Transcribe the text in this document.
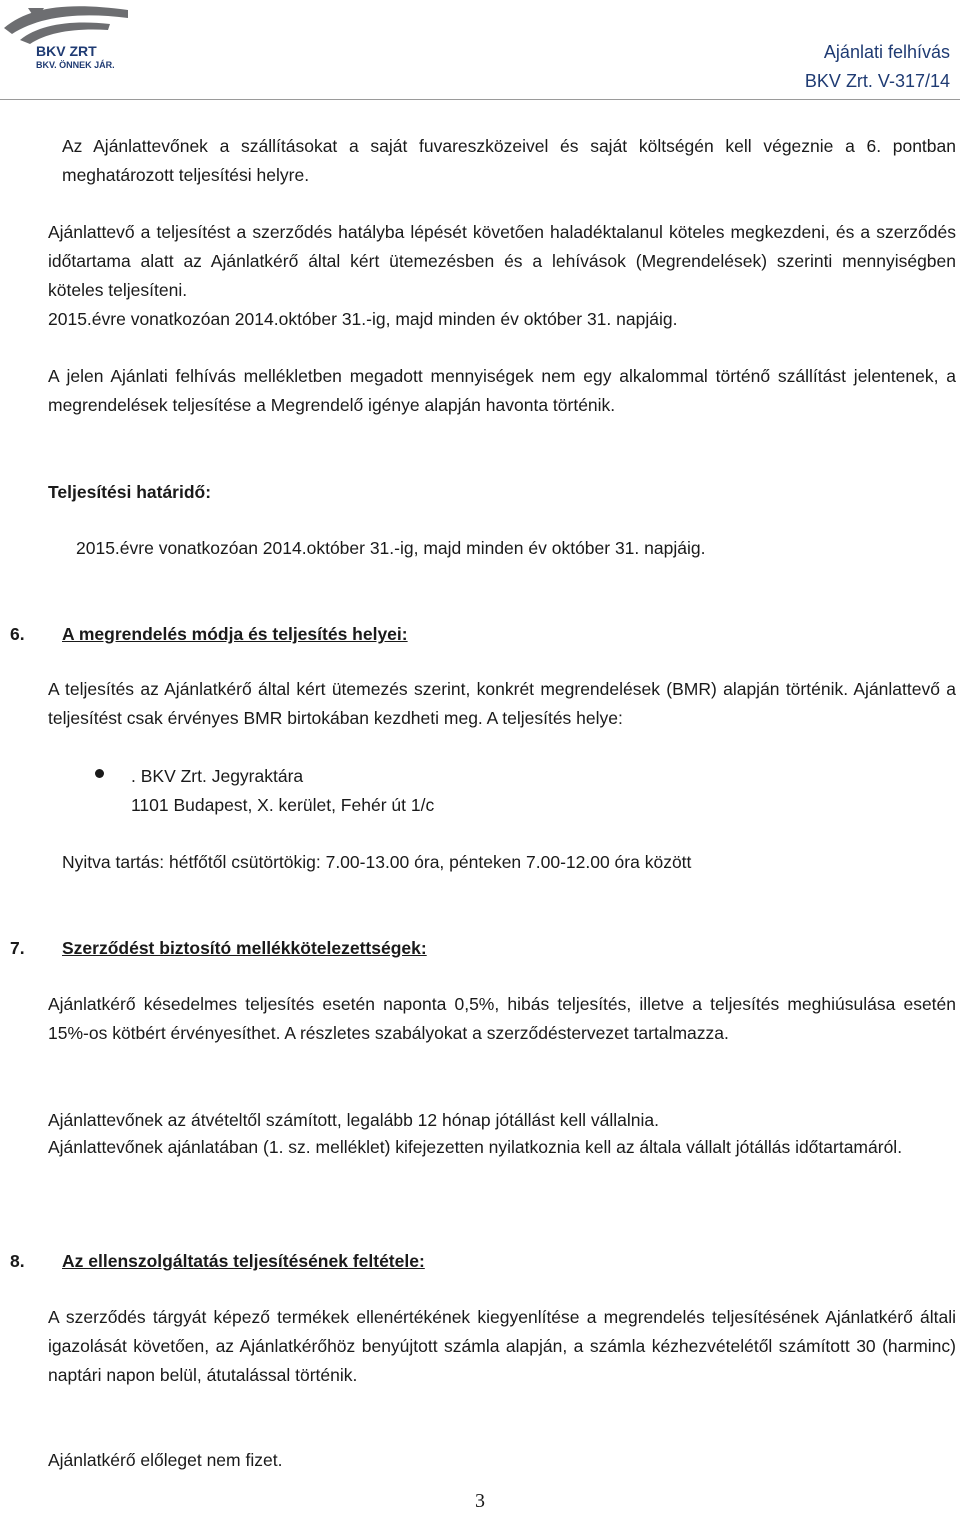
BKV ZRT
BKV. ÖNNEK JÁR.
Ajánlati felhívás
BKV Zrt. V-317/14

Az Ajánlattevőnek a szállításokat a saját fuvareszközeivel és saját költségén kell végeznie a 6. pontban meghatározott teljesítési helyre.

Ajánlattevő a teljesítést a szerződés hatályba lépését követően haladéktalanul köteles megkezdeni, és a szerződés időtartama alatt az Ajánlatkérő által kért ütemezésben és a lehívások (Megrendelések) szerinti mennyiségben köteles teljesíteni.

2015.évre vonatkozóan 2014.október 31.-ig, majd minden év október 31. napjáig.

A jelen Ajánlati felhívás mellékletben megadott mennyiségek nem egy alkalommal történő szállítást jelentenek, a megrendelések teljesítése a Megrendelő igénye alapján havonta történik.

Teljesítési határidő:

2015.évre vonatkozóan 2014.október 31.-ig, majd minden év október 31. napjáig.

6. A megrendelés módja és teljesítés helyei:

A teljesítés az Ajánlatkérő által kért ütemezés szerint, konkrét megrendelések (BMR) alapján történik. Ajánlattevő a teljesítést csak érvényes BMR birtokában kezdheti meg. A teljesítés helye:

. BKV Zrt. Jegyraktára

1101 Budapest, X. kerület, Fehér út 1/c

Nyitva tartás: hétfőtől csütörtökig: 7.00-13.00 óra, pénteken 7.00-12.00 óra között

7. Szerződést biztosító mellékkötelezettségek:

Ajánlatkérő késedelmes teljesítés esetén naponta 0,5%, hibás teljesítés, illetve a teljesítés meghiúsulása esetén 15%-os kötbért érvényesíthet. A részletes szabályokat a szerződéstervezet tartalmazza.

Ajánlattevőnek az átvételtől számított, legalább 12 hónap jótállást kell vállalnia.

Ajánlattevőnek ajánlatában (1. sz. melléklet) kifejezetten nyilatkoznia kell az általa vállalt jótállás időtartamáról.

8. Az ellenszolgáltatás teljesítésének feltétele:

A szerződés tárgyát képező termékek ellenértékének kiegyenlítése a megrendelés teljesítésének Ajánlatkérő általi igazolását követően, az Ajánlatkérőhöz benyújtott számla alapján, a számla kézhezvételétől számított 30 (harminc) naptári napon belül, átutalással történik.

Ajánlatkérő előleget nem fizet.

3
